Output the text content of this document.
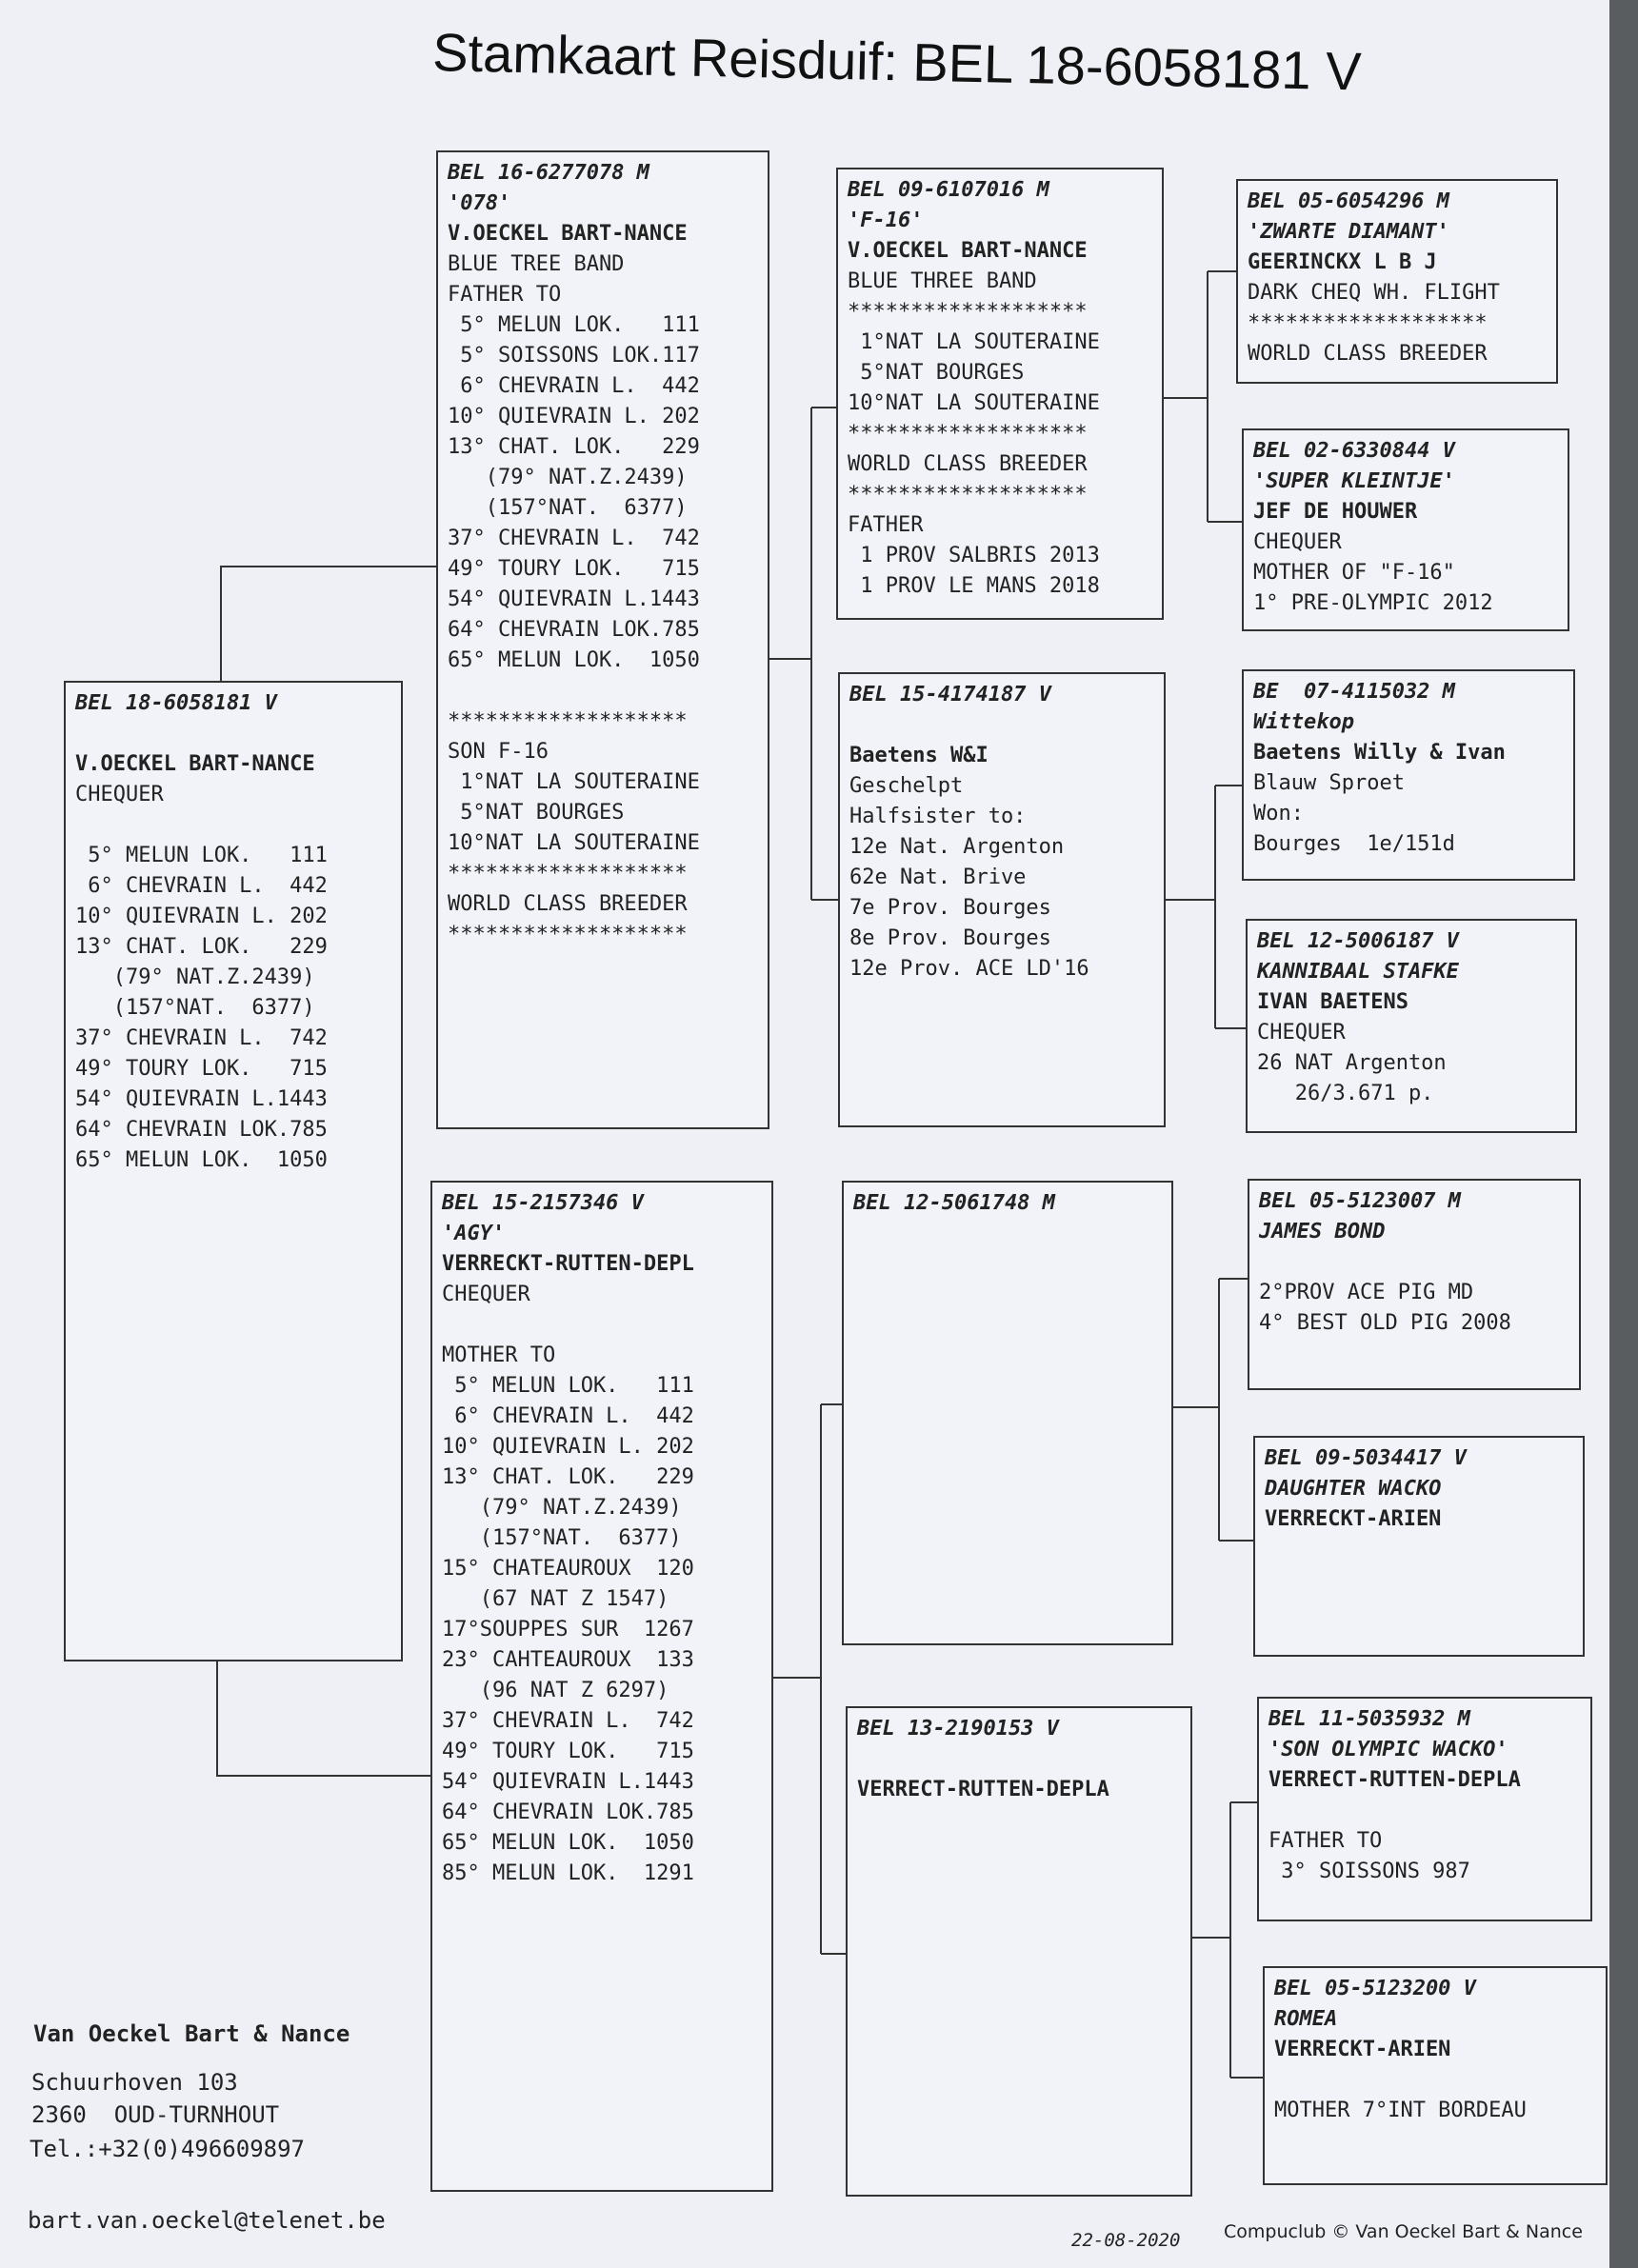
Stamkaart Reisduif: BEL 18-6058181 V
BEL 18-6058181 V
V.OECKEL BART-NANCE
CHEQUER
5° MELUN LOK.   111
6° CHEVRAIN L.  442
10° QUIEVRAIN L. 202
13° CHAT. LOK.   229
(79° NAT.Z.2439)
(157°NAT.  6377)
37° CHEVRAIN L.  742
49° TOURY LOK.   715
54° QUIEVRAIN L.1443
64° CHEVRAIN LOK.785
65° MELUN LOK.  1050
BEL 16-6277078 M
'078'
V.OECKEL BART-NANCE
BLUE TREE BAND
FATHER TO
5° MELUN LOK.   111
5° SOISSONS LOK.117
6° CHEVRAIN L.  442
10° QUIEVRAIN L. 202
13° CHAT. LOK.   229
(79° NAT.Z.2439)
(157°NAT.  6377)
37° CHEVRAIN L.  742
49° TOURY LOK.   715
54° QUIEVRAIN L.1443
64° CHEVRAIN LOK.785
65° MELUN LOK.  1050
*******************
SON F-16
1°NAT LA SOUTERAINE
5°NAT BOURGES
10°NAT LA SOUTERAINE
*******************
WORLD CLASS BREEDER
*******************
BEL 15-2157346 V
'AGY'
VERRECKT-RUTTEN-DEPL
CHEQUER
MOTHER TO
5° MELUN LOK.   111
6° CHEVRAIN L.  442
10° QUIEVRAIN L. 202
13° CHAT. LOK.   229
(79° NAT.Z.2439)
(157°NAT.  6377)
15° CHATEAUROUX  120
(67 NAT Z 1547)
17°SOUPPES SUR  1267
23° CAHTEAUROUX  133
(96 NAT Z 6297)
37° CHEVRAIN L.  742
49° TOURY LOK.   715
54° QUIEVRAIN L.1443
64° CHEVRAIN LOK.785
65° MELUN LOK.  1050
85° MELUN LOK.  1291
BEL 09-6107016 M
'F-16'
V.OECKEL BART-NANCE
BLUE THREE BAND
*******************
1°NAT LA SOUTERAINE
5°NAT BOURGES
10°NAT LA SOUTERAINE
*******************
WORLD CLASS BREEDER
*******************
FATHER
1 PROV SALBRIS 2013
1 PROV LE MANS 2018
BEL 15-4174187 V
Baetens W&I
Geschelpt
Halfsister to:
12e Nat. Argenton
62e Nat. Brive
7e Prov. Bourges
8e Prov. Bourges
12e Prov. ACE LD'16
BEL 12-5061748 M
BEL 13-2190153 V
VERRECT-RUTTEN-DEPLA
BEL 05-6054296 M
'ZWARTE DIAMANT'
GEERINCKX L B J
DARK CHEQ WH. FLIGHT
*******************
WORLD CLASS BREEDER
BEL 02-6330844 V
'SUPER KLEINTJE'
JEF DE HOUWER
CHEQUER
MOTHER OF "F-16"
1° PRE-OLYMPIC 2012
BE  07-4115032 M
Wittekop
Baetens Willy & Ivan
Blauw Sproet
Won:
Bourges  1e/151d
BEL 12-5006187 V
KANNIBAAL STAFKE
IVAN BAETENS
CHEQUER
26 NAT Argenton
26/3.671 p.
BEL 05-5123007 M
JAMES BOND
2°PROV ACE PIG MD
4° BEST OLD PIG 2008
BEL 09-5034417 V
DAUGHTER WACKO
VERRECKT-ARIEN
BEL 11-5035932 M
'SON OLYMPIC WACKO'
VERRECT-RUTTEN-DEPLA
FATHER TO
3° SOISSONS 987
BEL 05-5123200 V
ROMEA
VERRECKT-ARIEN
MOTHER 7°INT BORDEAU
Van Oeckel Bart & Nance
Schuurhoven 103
2360  OUD-TURNHOUT
Tel.:+32(0)496609897
bart.van.oeckel@telenet.be
22-08-2020 Compuclub © Van Oeckel Bart & Nance
